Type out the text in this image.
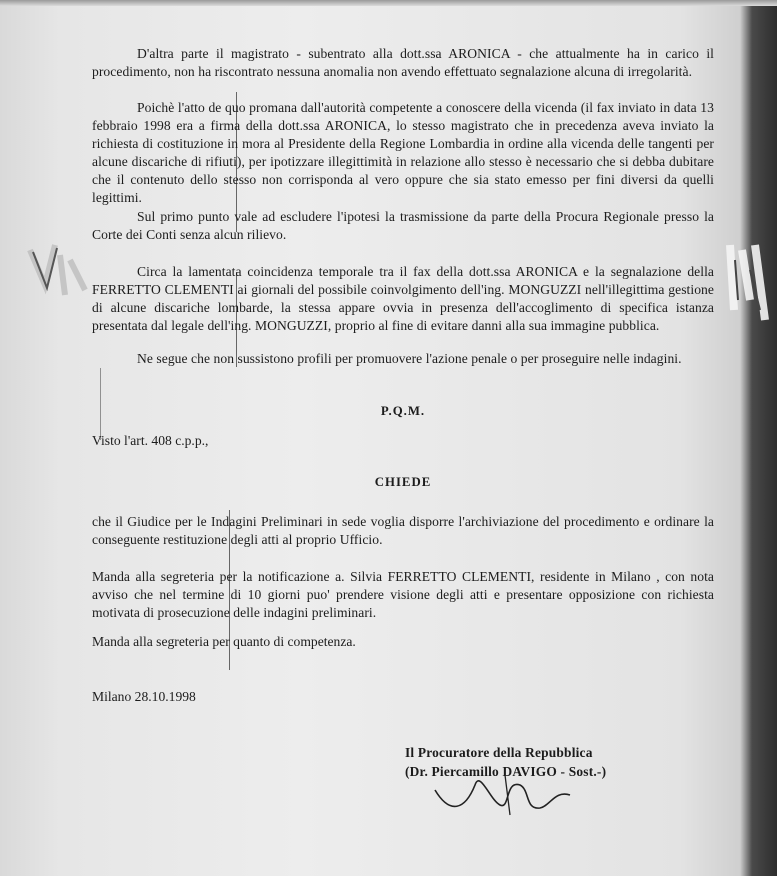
D'altra parte il magistrato - subentrato alla dott.ssa ARONICA - che attualmente ha in carico il procedimento, non ha riscontrato nessuna anomalia non avendo effettuato segnalazione alcuna di irregolarità.
Poichè l'atto de quo promana dall'autorità competente a conoscere della vicenda (il fax inviato in data 13 febbraio 1998 era a firma della dott.ssa ARONICA, lo stesso magistrato che in precedenza aveva inviato la richiesta di costituzione in mora al Presidente della Regione Lombardia in ordine alla vicenda delle tangenti per alcune discariche di rifiuti), per ipotizzare illegittimità in relazione allo stesso è necessario che si debba dubitare che il contenuto dello stesso non corrisponda al vero oppure che sia stato emesso per fini diversi da quelli legittimi.
Sul primo punto vale ad escludere l'ipotesi la trasmissione da parte della Procura Regionale presso la Corte dei Conti senza alcun rilievo.
Circa la lamentata coincidenza temporale tra il fax della dott.ssa ARONICA e la segnalazione della FERRETTO CLEMENTI ai giornali del possibile coinvolgimento dell'ing. MONGUZZI nell'illegittima gestione di alcune discariche lombarde, la stessa appare ovvia in presenza dell'accoglimento di specifica istanza presentata dal legale dell'ing. MONGUZZI, proprio al fine di evitare danni alla sua immagine pubblica.
Ne segue che non sussistono profili per promuovere l'azione penale o per proseguire nelle indagini.
P.Q.M.
Visto l'art. 408 c.p.p.,
CHIEDE
che il Giudice per le Indagini Preliminari in sede voglia disporre l'archiviazione del procedimento e ordinare la conseguente restituzione degli atti al proprio Ufficio.
Manda alla segreteria per la notificazione a. Silvia FERRETTO CLEMENTI, residente in Milano , con nota avviso che nel termine di 10 giorni puo' prendere visione degli atti e presentare opposizione con richiesta motivata di prosecuzione delle indagini preliminari.
Manda alla segreteria per quanto di competenza.
Milano 28.10.1998
Il Procuratore della Repubblica
(Dr. Piercamillo DAVIGO - Sost.-)
